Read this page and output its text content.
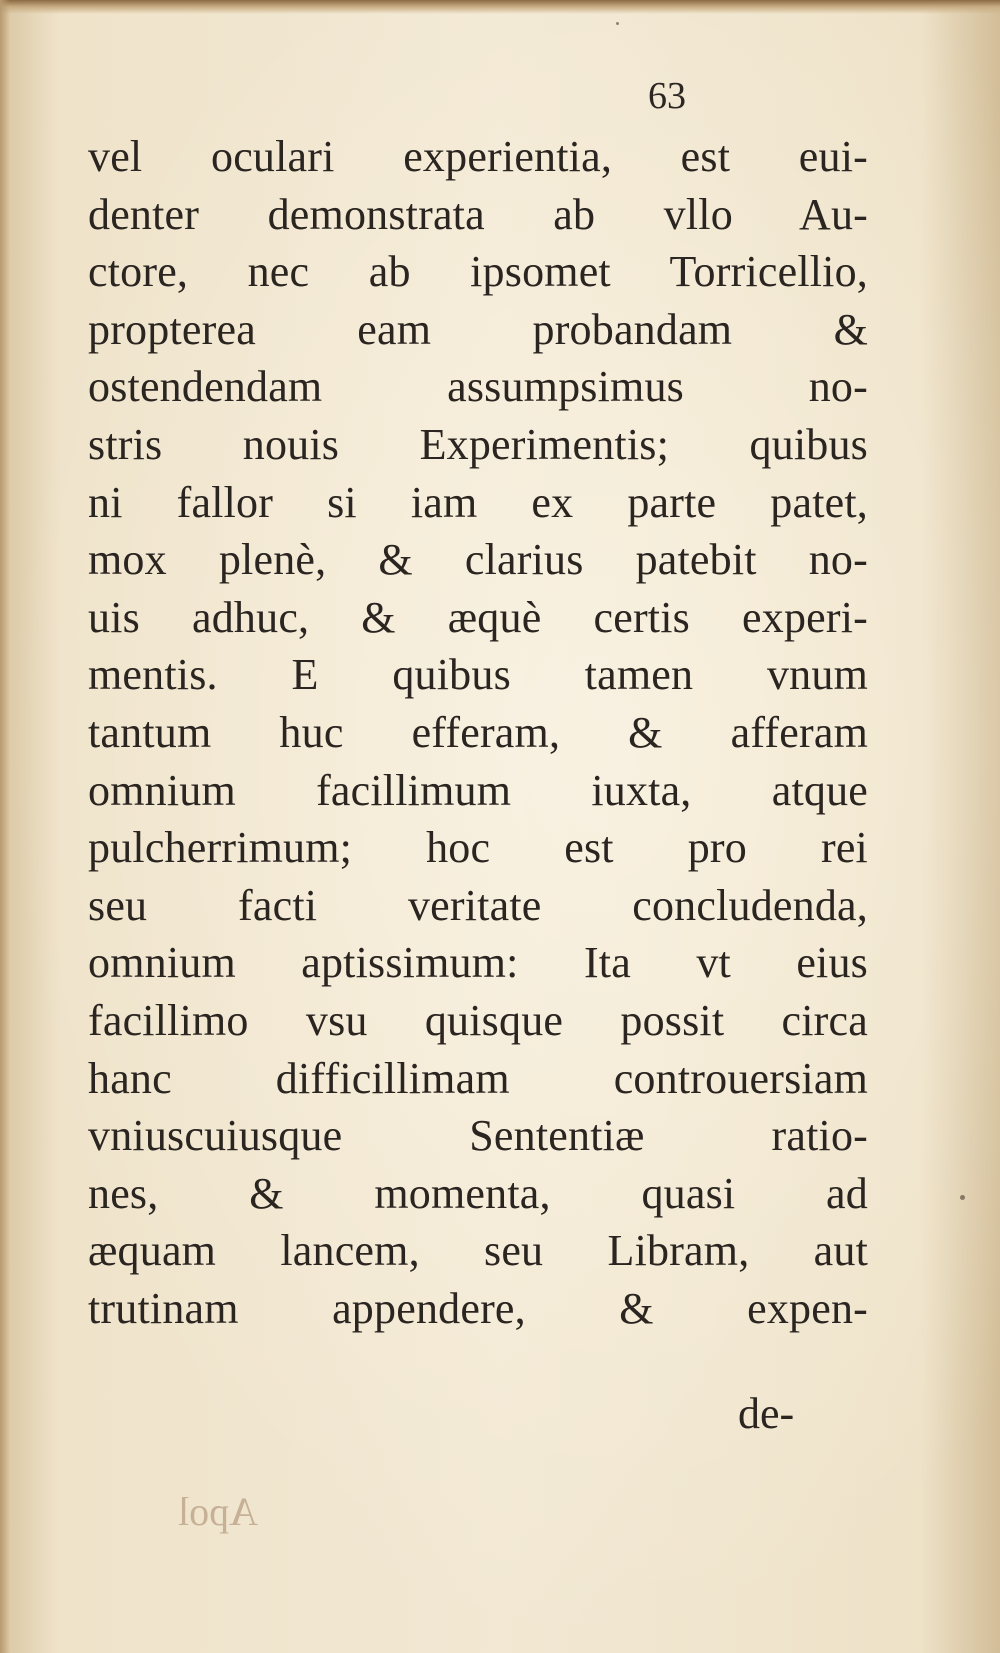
63
vel oculari experientia, est eui-
denter demonstrata ab vllo Au-
ctore, nec ab ipsomet Torricellio,
propterea eam probandam &
ostendendam assumpsimus no-
stris nouis Experimentis; quibus
ni fallor si iam ex parte patet,
mox plenè, & clarius patebit no-
uis adhuc, & æquè certis experi-
mentis. E quibus tamen vnum
tantum huc efferam, & afferam
omnium facillimum iuxta, atque
pulcherrimum; hoc est pro rei
seu facti veritate concludenda,
omnium aptissimum: Ita vt eius
facillimo vsu quisque possit circa
hanc difficillimam controuersiam
vniuscuiusque Sententiæ ratio-
nes, & momenta, quasi ad
æquam lancem, seu Libram, aut
trutinam appendere, & expen-
de-
Apol
